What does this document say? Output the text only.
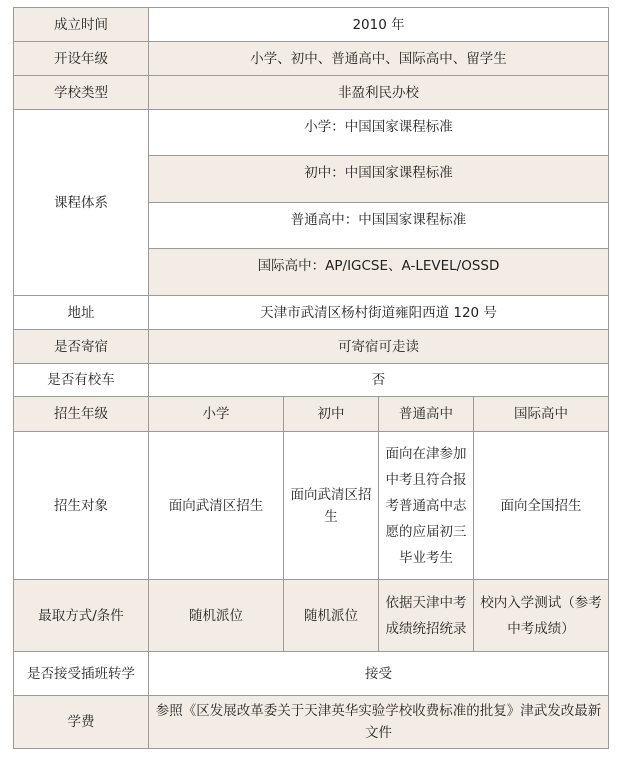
成立时间	2010 年			
开设年级	小学、初中、普通高中、国际高中、留学生			
学校类型	非盈利民办校			
课程体系	小学：中国国家课程标准			
	初中：中国国家课程标准			
	普通高中：中国国家课程标准			
	国际高中：AP/IGCSE、A-LEVEL/OSSD			
地址	天津市武清区杨村街道雍阳西道 120 号			
是否寄宿	可寄宿可走读			
是否有校车	否			
招生年级	小学	初中	普通高中	国际高中
招生对象	面向武清区招生	面向武清区招生	面向在津参加中考且符合报考普通高中志愿的应届初三毕业考生	面向全国招生
最取方式/条件	随机派位	随机派位	依据天津中考成绩统招统录	校内入学测试（参考中考成绩）
是否接受插班转学	接受			
学费	参照《区发展改革委关于天津英华实验学校收费标准的批复》津武发改最新文件			
